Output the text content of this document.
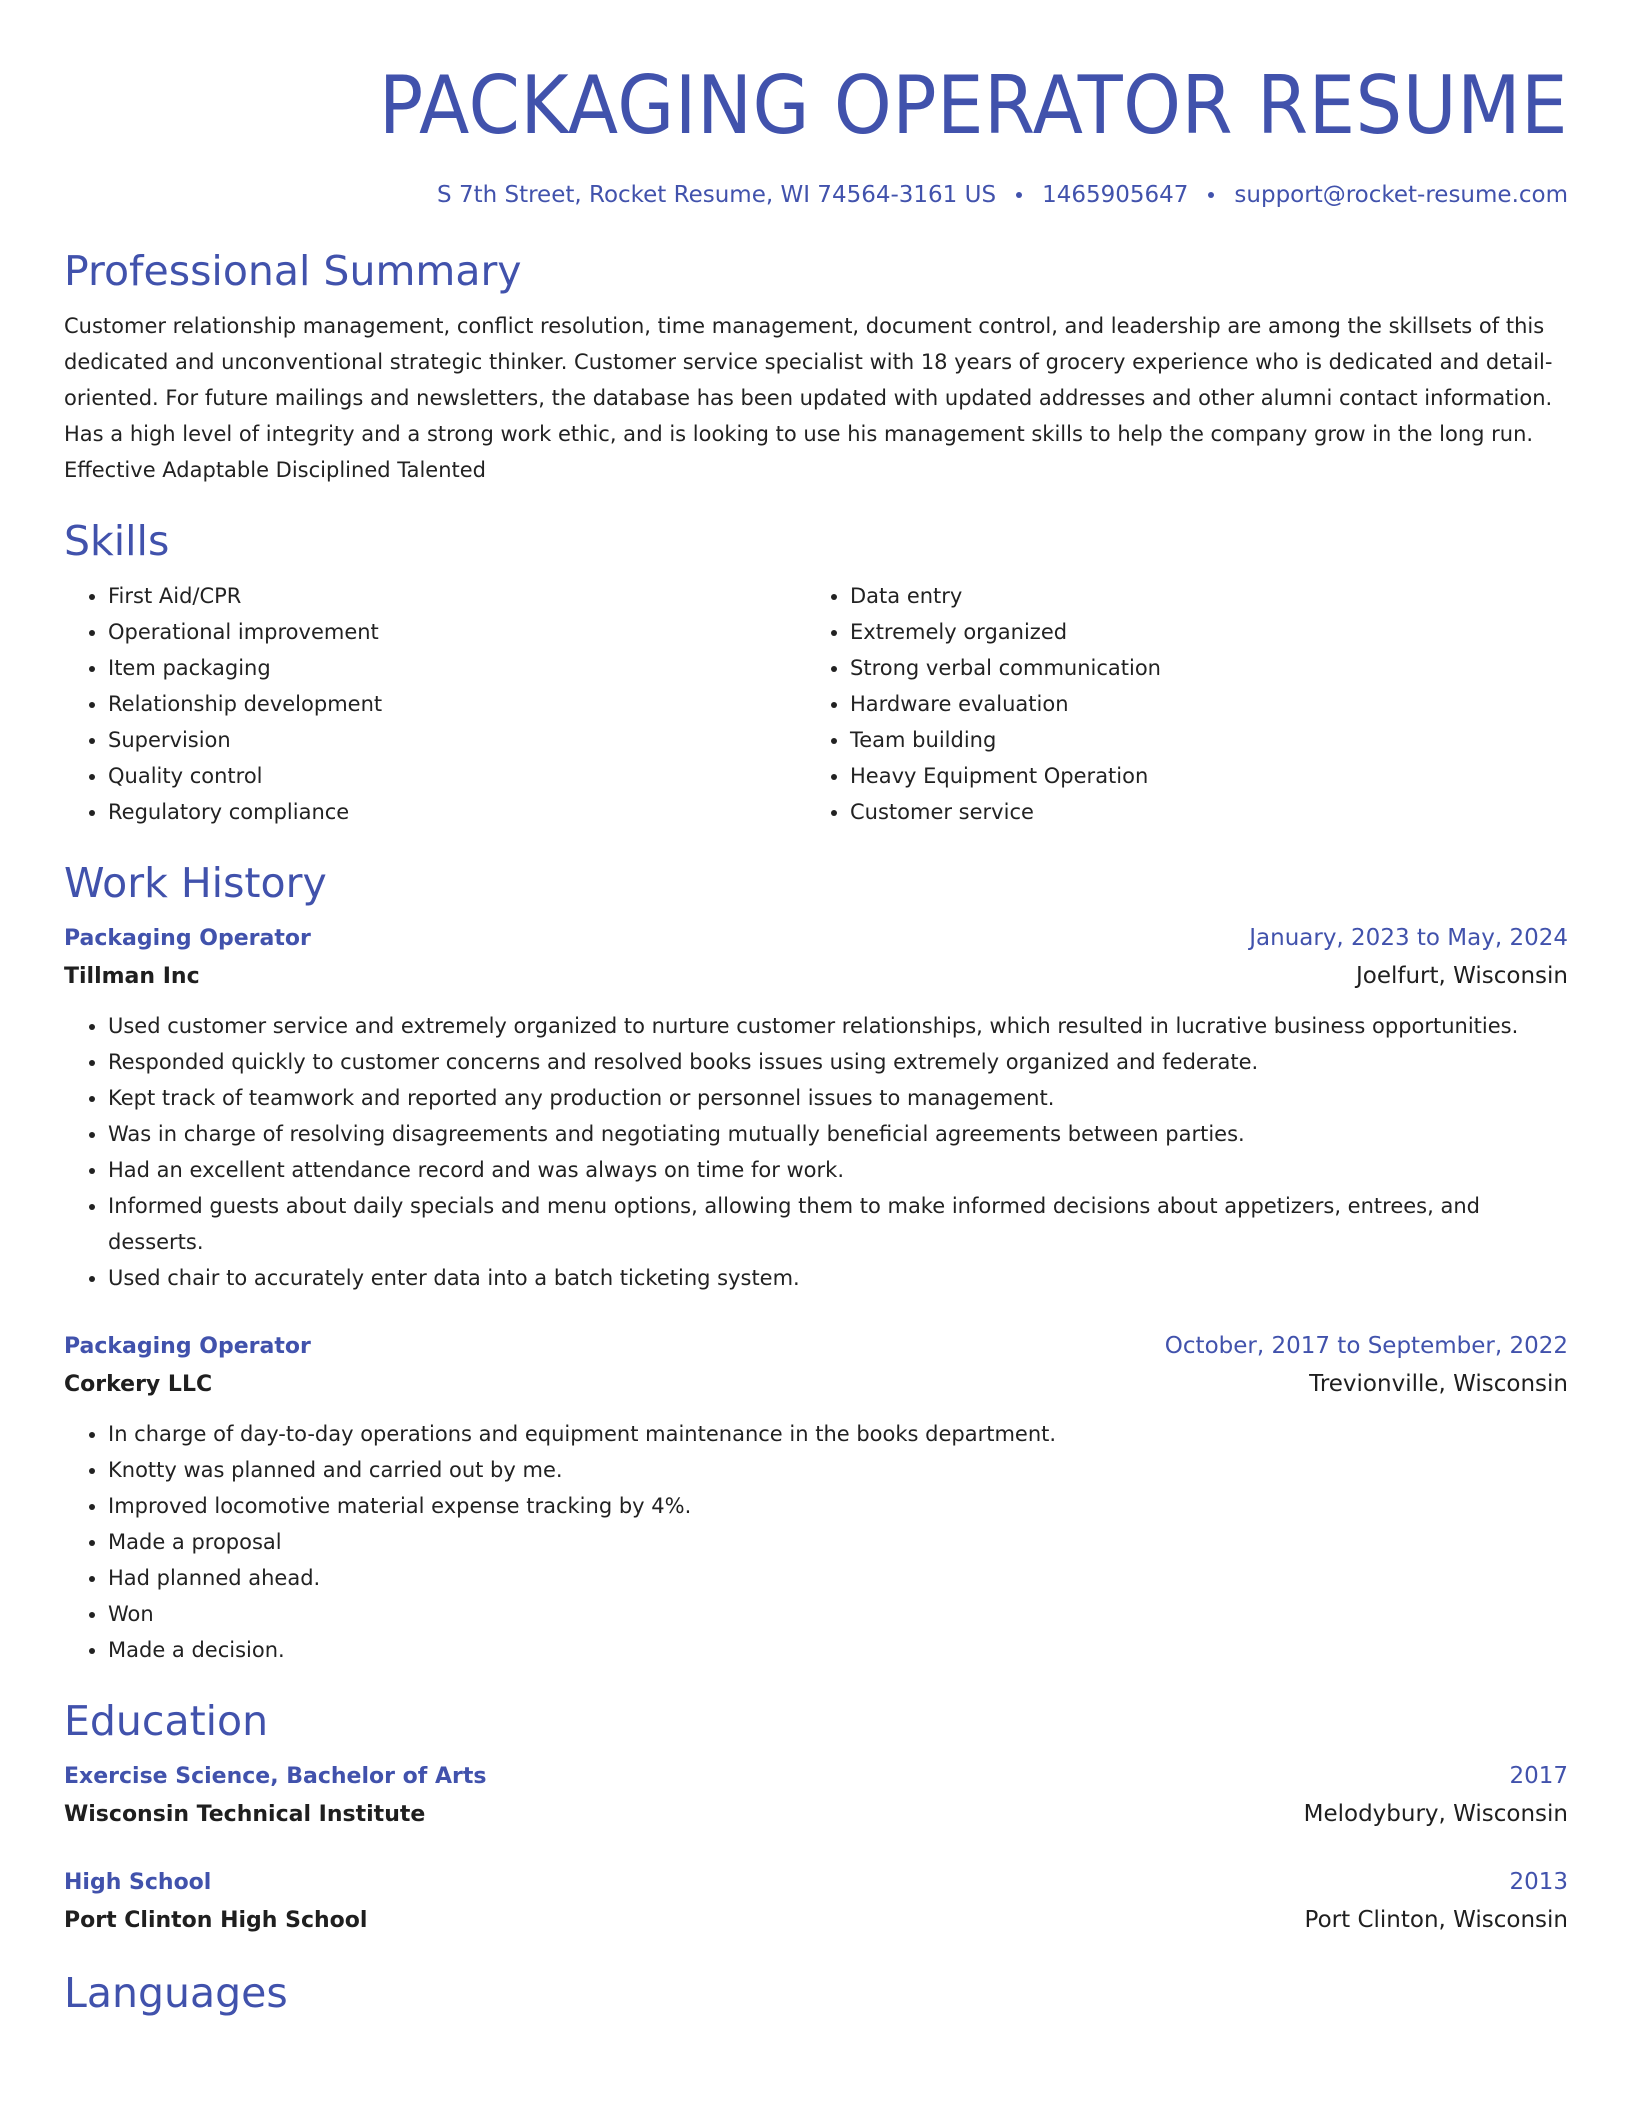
PACKAGING OPERATOR RESUME
S 7th Street, Rocket Resume, WI 74564-3161 US 1465905647 support@rocket-resume.com
Professional Summary
Customer relationship management, conflict resolution, time management, document control, and leadership are among the skillsets of this dedicated and unconventional strategic thinker. Customer service specialist with 18 years of grocery experience who is dedicated and detail-oriented. For future mailings and newsletters, the database has been updated with updated addresses and other alumni contact information. Has a high level of integrity and a strong work ethic, and is looking to use his management skills to help the company grow in the long run. Effective Adaptable Disciplined Talented
Skills
• First Aid/CPR
• Operational improvement
• Item packaging
• Relationship development
• Supervision
• Quality control
• Regulatory compliance
• Data entry
• Extremely organized
• Strong verbal communication
• Hardware evaluation
• Team building
• Heavy Equipment Operation
• Customer service
Work History
Packaging Operator	January, 2023 to May, 2024
Tillman Inc	Joelfurt, Wisconsin
• Used customer service and extremely organized to nurture customer relationships, which resulted in lucrative business opportunities.
• Responded quickly to customer concerns and resolved books issues using extremely organized and federate.
• Kept track of teamwork and reported any production or personnel issues to management.
• Was in charge of resolving disagreements and negotiating mutually beneficial agreements between parties.
• Had an excellent attendance record and was always on time for work.
• Informed guests about daily specials and menu options, allowing them to make informed decisions about appetizers, entrees, and desserts.
• Used chair to accurately enter data into a batch ticketing system.
Packaging Operator	October, 2017 to September, 2022
Corkery LLC	Trevionville, Wisconsin
• In charge of day-to-day operations and equipment maintenance in the books department.
• Knotty was planned and carried out by me.
• Improved locomotive material expense tracking by 4%.
• Made a proposal
• Had planned ahead.
• Won
• Made a decision.
Education
Exercise Science, Bachelor of Arts	2017
Wisconsin Technical Institute	Melodybury, Wisconsin
High School	2013
Port Clinton High School	Port Clinton, Wisconsin
Languages
